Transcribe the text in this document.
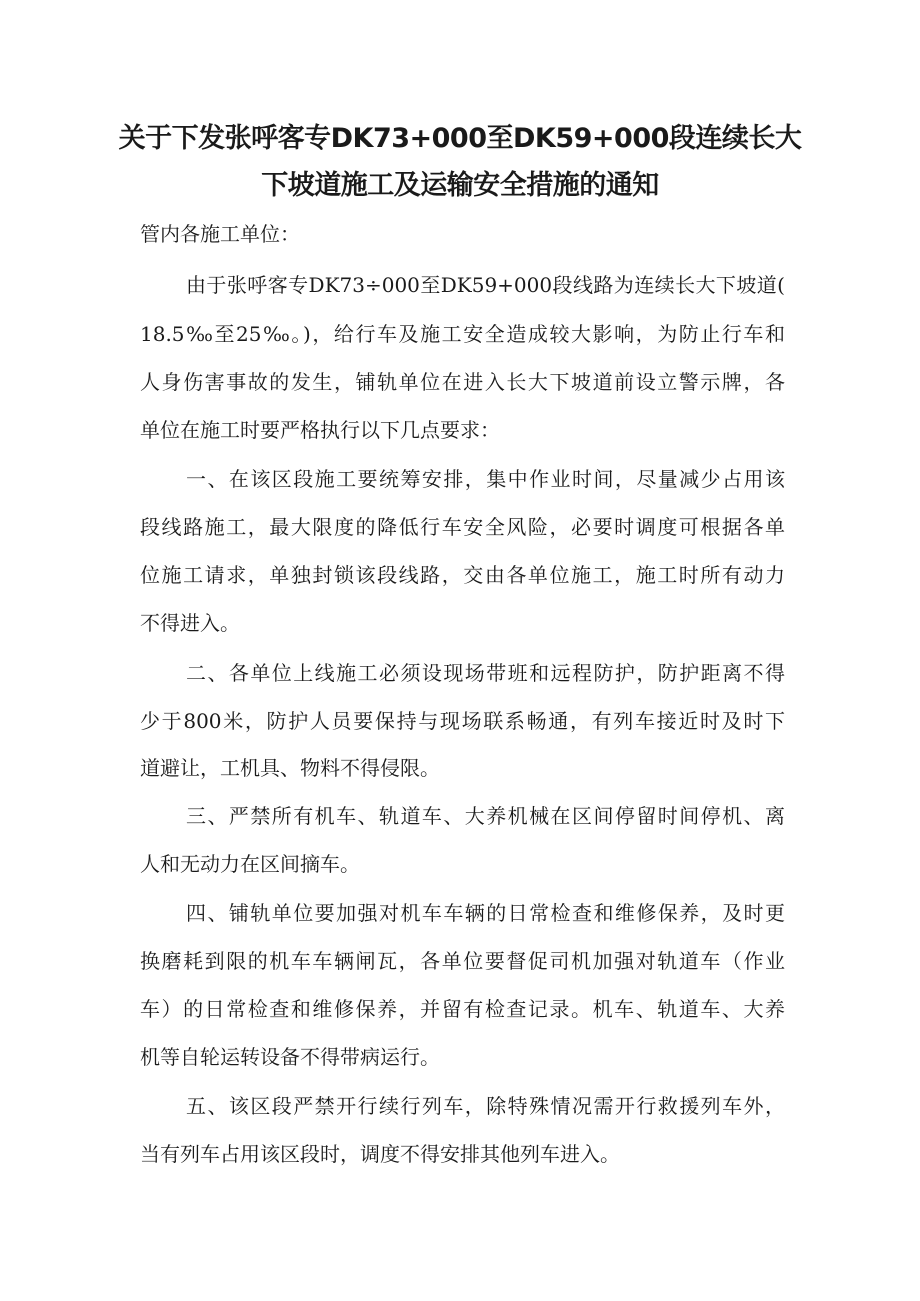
关于下发张呼客专DK73+000至DK59+000段连续长大
下坡道施工及运输安全措施的通知
管内各施工单位：
由于张呼客专DK73÷000至DK59+000段线路为连续长大下坡道(
18.5‰至25‰。)，给行车及施工安全造成较大影响，为防止行车和
人身伤害事故的发生，铺轨单位在进入长大下坡道前设立警示牌，各
单位在施工时要严格执行以下几点要求：
一、在该区段施工要统筹安排，集中作业时间，尽量减少占用该
段线路施工，最大限度的降低行车安全风险，必要时调度可根据各单
位施工请求，单独封锁该段线路，交由各单位施工，施工时所有动力
不得进入。
二、各单位上线施工必须设现场带班和远程防护，防护距离不得
少于800米，防护人员要保持与现场联系畅通，有列车接近时及时下
道避让，工机具、物料不得侵限。
三、严禁所有机车、轨道车、大养机械在区间停留时间停机、离
人和无动力在区间摘车。
四、铺轨单位要加强对机车车辆的日常检查和维修保养，及时更
换磨耗到限的机车车辆闸瓦，各单位要督促司机加强对轨道车（作业
车）的日常检查和维修保养，并留有检查记录。机车、轨道车、大养
机等自轮运转设备不得带病运行。
五、该区段严禁开行续行列车，除特殊情况需开行救援列车外，
当有列车占用该区段时，调度不得安排其他列车进入。
